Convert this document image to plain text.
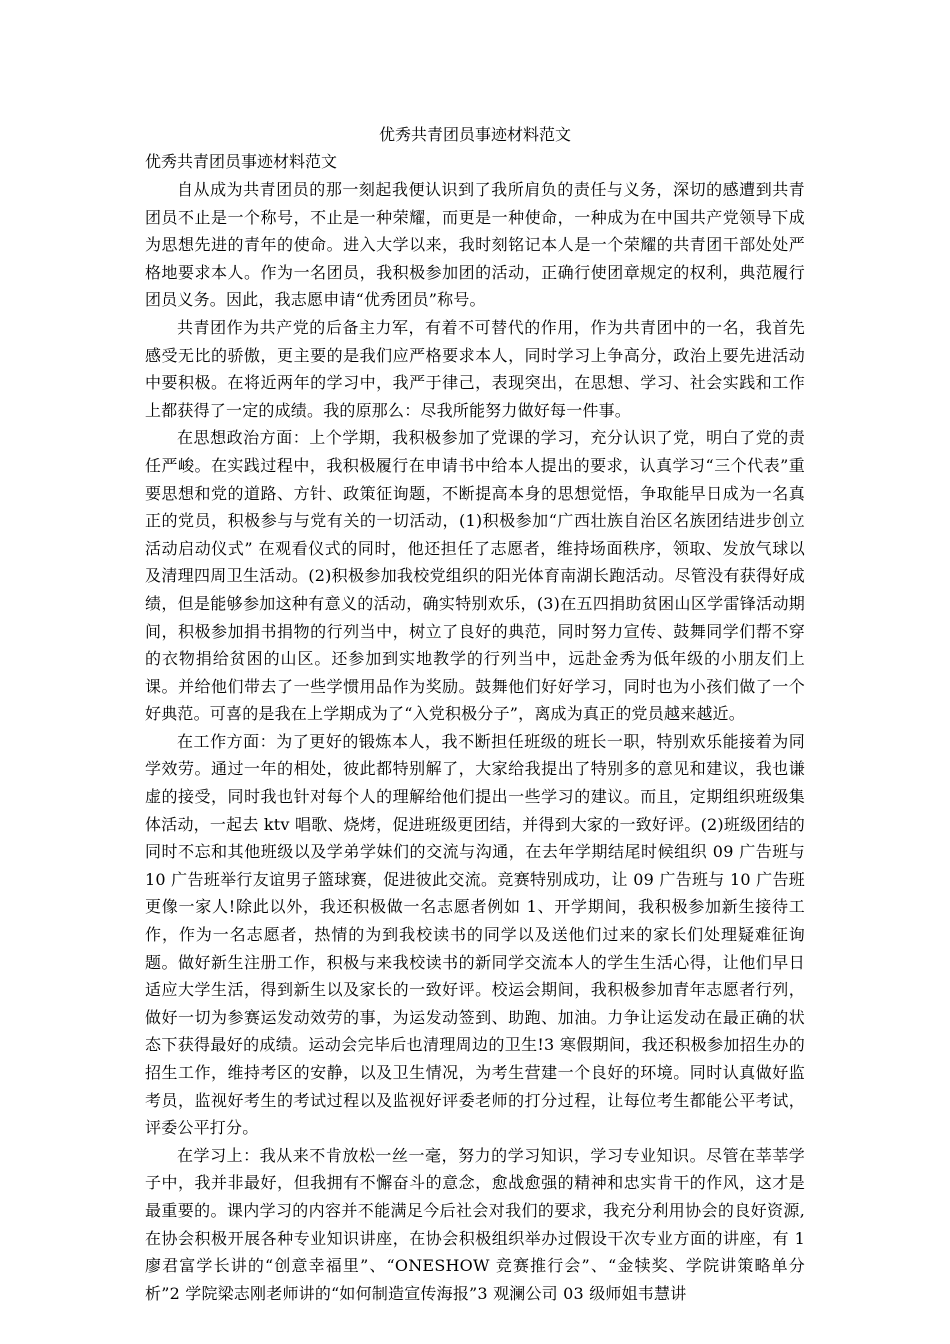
优秀共青团员事迹材料范文
优秀共青团员事迹材料范文

自从成为共青团员的那一刻起我便认识到了我所肩负的责任与义务，深切的感遭到共青团员不止是一个称号，不止是一种荣耀，而更是一种使命，一种成为在中国共产党领导下成为思想先进的青年的使命。进入大学以来，我时刻铭记本人是一个荣耀的共青团干部处处严格地要求本人。作为一名团员，我积极参加团的活动，正确行使团章规定的权利，典范履行团员义务。因此，我志愿申请“优秀团员”称号。

共青团作为共产党的后备主力军，有着不可替代的作用，作为共青团中的一名，我首先感受无比的骄傲，更主要的是我们应严格要求本人，同时学习上争高分，政治上要先进活动中要积极。在将近两年的学习中，我严于律己，表现突出，在思想、学习、社会实践和工作上都获得了一定的成绩。我的原那么：尽我所能努力做好每一件事。

在思想政治方面：上个学期，我积极参加了党课的学习，充分认识了党，明白了党的责任严峻。在实践过程中，我积极履行在申请书中给本人提出的要求，认真学习“三个代表”重要思想和党的道路、方针、政策征询题，不断提高本身的思想觉悟，争取能早日成为一名真正的党员，积极参与与党有关的一切活动，(1)积极参加“广西壮族自治区名族团结进步创立活动启动仪式” 在观看仪式的同时，他还担任了志愿者，维持场面秩序，领取、发放气球以及清理四周卫生活动。(2)积极参加我校党组织的阳光体育南湖长跑活动。尽管没有获得好成绩，但是能够参加这种有意义的活动，确实特别欢乐，(3)在五四捐助贫困山区学雷锋活动期间，积极参加捐书捐物的行列当中，树立了良好的典范，同时努力宣传、鼓舞同学们帮不穿的衣物捐给贫困的山区。还参加到实地教学的行列当中，远赴金秀为低年级的小朋友们上课。并给他们带去了一些学惯用品作为奖励。鼓舞他们好好学习，同时也为小孩们做了一个好典范。可喜的是我在上学期成为了“入党积极分子”，离成为真正的党员越来越近。

在工作方面：为了更好的锻炼本人，我不断担任班级的班长一职，特别欢乐能接着为同学效劳。通过一年的相处，彼此都特别解了，大家给我提出了特别多的意见和建议，我也谦虚的接受，同时我也针对每个人的理解给他们提出一些学习的建议。而且，定期组织班级集体活动，一起去 ktv 唱歌、烧烤，促进班级更团结，并得到大家的一致好评。(2)班级团结的同时不忘和其他班级以及学弟学妹们的交流与沟通，在去年学期结尾时候组织 09 广告班与 10 广告班举行友谊男子篮球赛，促进彼此交流。竞赛特别成功，让 09 广告班与 10 广告班更像一家人!除此以外，我还积极做一名志愿者例如 1、开学期间，我积极参加新生接待工作，作为一名志愿者，热情的为到我校读书的同学以及送他们过来的家长们处理疑难征询题。做好新生注册工作，积极与来我校读书的新同学交流本人的学生生活心得，让他们早日适应大学生活，得到新生以及家长的一致好评。校运会期间，我积极参加青年志愿者行列，做好一切为参赛运发动效劳的事，为运发动签到、助跑、加油。力争让运发动在最正确的状态下获得最好的成绩。运动会完毕后也清理周边的卫生!3 寒假期间，我还积极参加招生办的招生工作，维持考区的安静，以及卫生情况，为考生营建一个良好的环境。同时认真做好监考员，监视好考生的考试过程以及监视好评委老师的打分过程，让每位考生都能公平考试，评委公平打分。

在学习上：我从来不肯放松一丝一毫，努力的学习知识，学习专业知识。尽管在莘莘学子中，我并非最好，但我拥有不懈奋斗的意念，愈战愈强的精神和忠实肯干的作风，这才是最重要的。课内学习的内容并不能满足今后社会对我们的要求，我充分利用协会的良好资源,在协会积极开展各种专业知识讲座，在协会积极组织举办过假设干次专业方面的讲座，有 1 廖君富学长讲的“创意幸福里”、“ONESHOW 竞赛推行会”、“金犊奖、学院讲策略单分析”2 学院梁志刚老师讲的“如何制造宣传海报”3 观澜公司 03 级师姐韦慧讲
